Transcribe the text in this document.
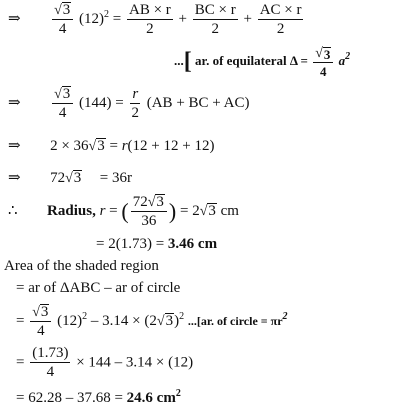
⇒ $\frac{√ 3}{4} (12)^2 = \frac{AB \times r}{2} + \frac{BC \times r}{2} + \frac{AC \times r}{2}$
...[ ar. of equilateral $\Delta = \frac{√ 3}{4} a^2$
⇒ $\frac{√ 3}{4} (144) = \frac{r}{2} (AB$ + BC + AC)
⇒ 2 × 36 √ 3 = r(12 + 12 + 12)
⇒ 72 √ 3 = 36r
∴ Radius, r = ( $\frac{72 √ 3}{36}$ ) = 2 √ 3 cm
= 2(1.73) = 3.46 cm
Area of the shaded region
= ar of ΔABC – ar of circle
= $\frac{√ 3}{4} (12)^2 - 3.14 \times (2$ √ 3 )$^2$ ...[ar. of circle = $\pi r^2$
= $\frac{(1.73)}{4} \times 144 - 3.14 \times (12)$
= 62.28 – 37.68 = 24.6 $cm^2$
